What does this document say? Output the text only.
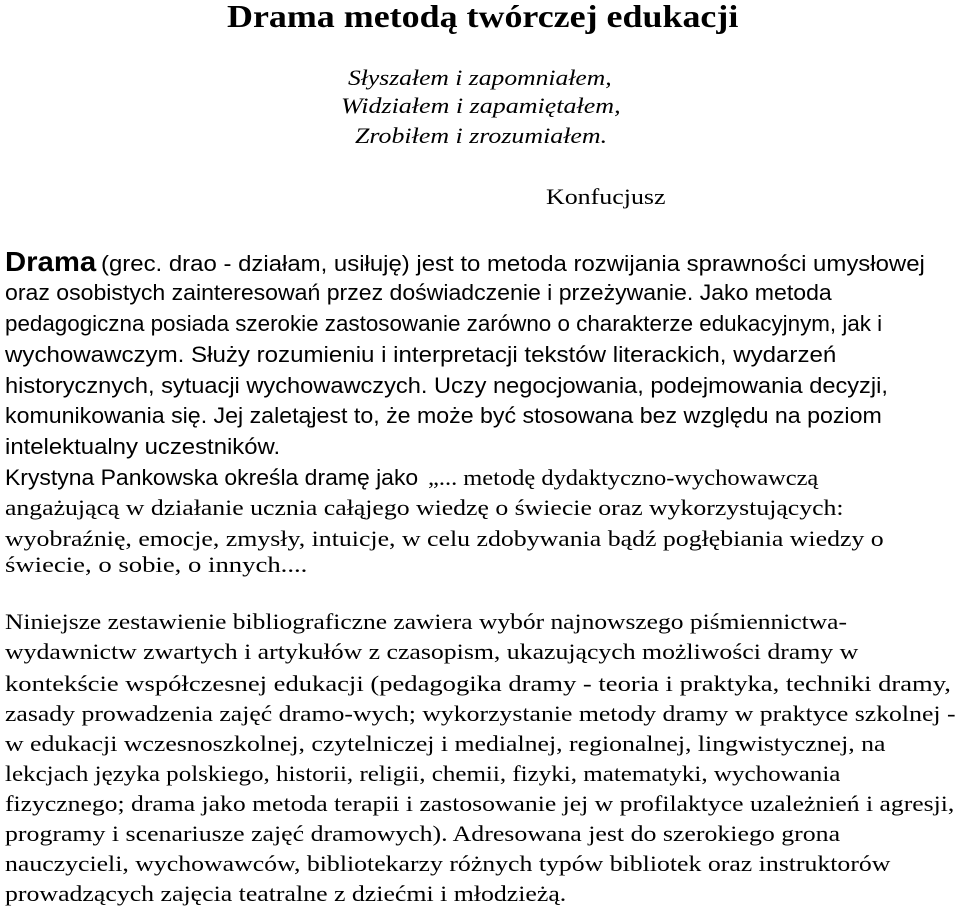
Drama metodą twórczej edukacji
Słyszałem i zapomniałem,
Widziałem i zapamiętałem,
Zrobiłem i zrozumiałem.
Konfucjusz
Drama (grec. drao - działam, usiłuję) jest to metoda rozwijania sprawności umysłowej
oraz osobistych zainteresowań przez doświadczenie i przeżywanie. Jako metoda
pedagogiczna posiada szerokie zastosowanie zarówno o charakterze edukacyjnym, jak i
wychowawczym. Służy rozumieniu i interpretacji tekstów literackich, wydarzeń
historycznych, sytuacji wychowawczych. Uczy negocjowania, podejmowania decyzji,
komunikowania się. Jej zaletąjest to, że może być stosowana bez względu na poziom
intelektualny uczestników.
Krystyna Pankowska określa dramę jako „... metodę dydaktyczno-wychowawczą
angażującą w działanie ucznia całąjego wiedzę o świecie oraz wykorzystujących:
wyobraźnię, emocje, zmysły, intuicje, w celu zdobywania bądź pogłębiania wiedzy o
świecie, o sobie, o innych....
Niniejsze zestawienie bibliograficzne zawiera wybór najnowszego piśmiennictwa-
wydawnictw zwartych i artykułów z czasopism, ukazujących możliwości dramy w
kontekście współczesnej edukacji (pedagogika dramy - teoria i praktyka, techniki dramy,
zasady prowadzenia zajęć dramo-wych; wykorzystanie metody dramy w praktyce szkolnej -
w edukacji wczesnoszkolnej, czytelniczej i medialnej, regionalnej, lingwistycznej, na
lekcjach języka polskiego, historii, religii, chemii, fizyki, matematyki, wychowania
fizycznego; drama jako metoda terapii i zastosowanie jej w profilaktyce uzależnień i agresji,
programy i scenariusze zajęć dramowych). Adresowana jest do szerokiego grona
nauczycieli, wychowawców, bibliotekarzy różnych typów bibliotek oraz instruktorów
prowadzących zajęcia teatralne z dziećmi i młodzieżą.
